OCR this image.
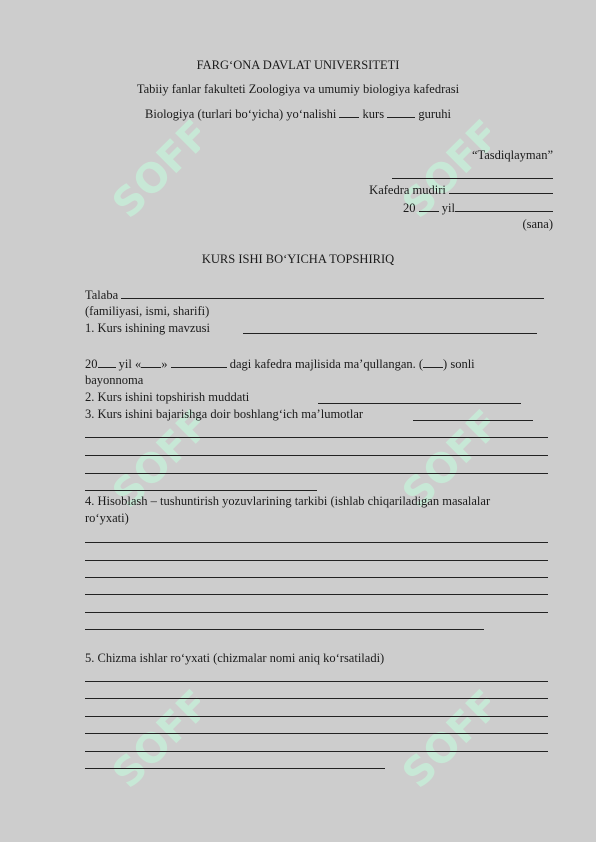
SOFF	SOFF
SOFF	SOFF
SOFF	SOFF
FARG‘ONA DAVLAT UNIVERSITETI
Tabiiy fanlar fakulteti Zoologiya va umumiy biologiya kafedrasi
Biologiya (turlari bo‘yicha) yo‘nalishi  kurs  guruhi
“Tasdiqlayman”
Kafedra mudiri
20  yil
(sana)
KURS ISHI BO‘YICHA TOPSHIRIQ
Talaba
(familiyasi, ismi, sharifi)
1. Kurs ishining mavzusi
20 yil « »	dagi kafedra majlisida ma’qullangan. ( ) sonli
bayonnoma
2. Kurs ishini topshirish muddati
3. Kurs ishini bajarishga doir boshlang‘ich ma’lumotlar
4. Hisoblash – tushuntirish yozuvlarining tarkibi (ishlab chiqariladigan masalalar
ro‘yxati)
5. Chizma ishlar ro‘yxati (chizmalar nomi aniq ko‘rsatiladi)
